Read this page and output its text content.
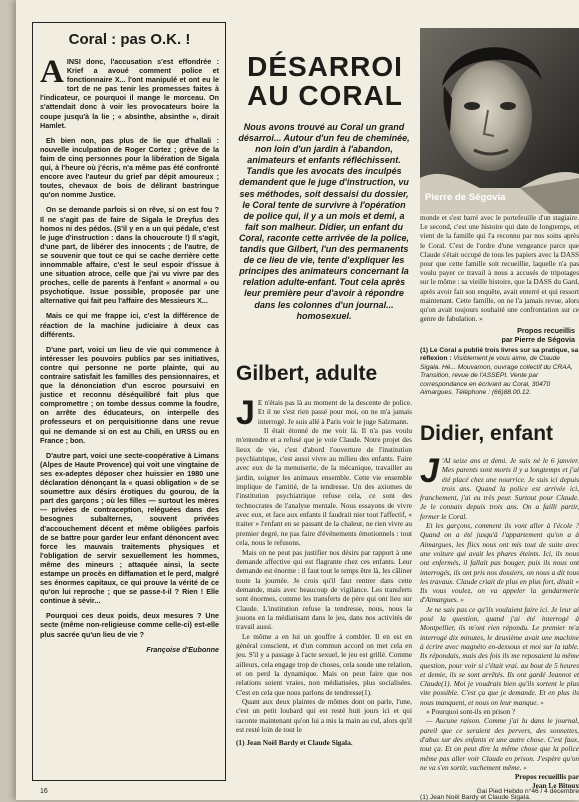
Coral : pas O.K. !

AINSI donc, l'accusation s'est effondrée : Krief a avoué comment police et fonctionnaire X... l'ont manipulé et ont eu le tort de ne pas tenir les promesses faites à l'indicateur, ce pourquoi il mange le morceau. On s'attendait donc à voir les provocateurs boire la coupe jusqu'à la lie ; « absinthe, absinthe », dirait Hamlet.

Eh bien non, pas plus de lie que d'hallali : nouvelle inculpation de Roger Cortez ; grève de la faim de cinq personnes pour la libération de Sigala qui, à l'heure où j'écris, n'a même pas été confronté encore avec l'auteur du grief par dépit amoureux ; toutes, chevaux de bois de délirant bastringue qu'on nomme Justice.

On se demande parfois si on rêve, si on est fou ? Il ne s'agit pas de faire de Sigala le Dreyfus des homos ni des pédos. (S'il y en a un qui pédale, c'est le juge d'instruction : dans la choucroute !) Il s'agit, d'une part, de libérer des innocents ; de l'autre, de se souvenir que tout ce qui se cache derrière cette innommable affaire, c'est le seul espoir d'issue à une situation atroce, celle que j'ai vu vivre par des proches, celle de parents à l'enfant « anormal » ou psychotique. Issue possible, proposée par une alternative qui fait peu l'affaire des Messieurs X...

Mais ce qui me frappe ici, c'est la différence de réaction de la machine judiciaire à deux cas différents.

D'une part, voici un lieu de vie qui commence à intéresser les pouvoirs publics par ses initiatives, contre qui personne ne porte plainte, qui au contraire satisfait les familles des pensionnaires, et que la dénonciation d'un escroc poursuivi en justice et reconnu déséquilibré fait plus que compromettre ; on tombe dessus comme la foudre, on arrête des éducateurs, on interpelle des professeurs et on perquisitionne dans une revue qui ne demande si on est au Chili, en URSS ou en France ; bon.

D'autre part, voici une secte-coopérative à Limans (Alpes de Haute Provence) qui voit une vingtaine de ses ex-adeptes déposer chez huissier en 1980 une déclaration dénonçant la « quasi obligation » de se soumettre aux désirs érotiques du gourou, de la part des garçons ; où les filles — surtout les mères — privées de contraception, reléguées dans des besognes subalternes, souvent privées d'accouchement décent et même obligées parfois de se battre pour garder leur enfant dénoncent avec force les mauvais traitements physiques et l'obligation de servir sexuellement les hommes, même des mineurs ; attaquée ainsi, la secte estampe un procès en diffamation et le perd, malgré ses énormes capitaux, ce qui prouve la vérité de ce qu'on lui reproche ; que se passe-t-il ? Rien ! Elle continue à sévir...

Pourquoi ces deux poids, deux mesures ? Une secte (même non-religieuse comme celle-ci) est-elle plus sacrée qu'un lieu de vie ?

Françoise d'Eubonne

DÉSARROI
AU CORAL

Nous avons trouvé au Coral un grand désarroi... Autour d'un feu de cheminée, non loin d'un jardin à l'abandon, animateurs et enfants réfléchissent. Tandis que les avocats des inculpés demandent que le juge d'instruction, vu ses méthodes, soit dessaisi du dossier, le Coral tente de survivre à l'opération de police qui, il y a un mois et demi, a fait son malheur. Didier, un enfant du Coral, raconte cette arrivée de la police, tandis que Gilbert, l'un des permanents de ce lieu de vie, tente d'expliquer les principes des animateurs concernant la relation adulte-enfant. Tout cela après leur première peur d'avoir à répondre dans les colonnes d'un journal... homosexuel.

Pierre de Ségovia

monde et s'est barré avec le portefeuille d'un stagiaire. Le second, c'est une histoire qui date de longtemps, et vient de la famille qui l'a reconnu par nos soins après le Coral. C'est de l'ordre d'une vengeance parce que Claude s'était occupé de tous les papiers avec la DASS pour que cette famille soit recueillie, laquelle n'a pas voulu payer ce travail à nous a accusés de tripotages sur le môme : sa vieille histoire, que la DASS du Gard, après avoir fait son enquête, avait enterré et qui ressort maintenant. Cette famille, on ne l'a jamais revue, alors qu'on avait toujours souhaité une confrontation sur ce genre de fabulation. »

Propos recueillis
par Pierre de Ségovia

(1) Le Coral a publié trois livres sur sa pratique, sa réflexion : Visiblement je vous aime, de Claude Sigala. Hé... Mouvamon, ouvrage collectif du CRAA, Transition, revue de l'ASSEPI. Vente par correspondance en écrivant au Coral, 30470 Aimargues. Téléphone : (66)88.00.12.

Gilbert, adulte

J E n'étais pas là au moment de la descente de police. Et il ne s'est rien passé pour moi, on ne m'a jamais interrogé. Je suis allé à Paris voir le juge Salzmann.

Il était étonné de me voir là. Il n'a pas voulu m'entendre et a refusé que je voie Claude. Notre projet des lieux de vie, c'est d'abord l'ouverture de l'institution psychiatrique, c'est aussi vivre au milieu des enfants. Faire avec eux de la menuiserie, de la mécanique, travailler au jardin, soigner les animaux ensemble. Cette vie ensemble implique de l'amitié, de la tendresse. Un des axiomes de l'institution psychiatrique refuse cela, ce sont des technocrates de l'analyse mentale. Nous essayons de vivre avec eux, et face aux enfants il faudrait nier tout l'affectif, « traiter » l'enfant en se passant de la chaleur, ne rien vivre au premier degré, ne pas faire d'événements émotionnels : tout cela, nous le refusons.

Mais on ne peut pas justifier nos désirs par rapport à une demande affective qui est flagrante chez ces enfants. Leur demande est énorme : il faut tout le temps être là, les câliner toute la journée. Je crois qu'il faut rentrer dans cette demande, mais avec beaucoup de vigilance. Les transferts sont énormes, comme les transferts de père qui ont lieu sur Claude. L'institution refuse la tendresse, nous, nous la jouons en la médiatisant dans le jeu, dans nos activités de travail aussi.

Le môme a en lui un gouffre à combler. Il en est en général conscient, et d'un commun accord on met cela en jeu. S'il y a passage à l'acte sexuel, le jeu est grillé. Comme ailleurs, cela engage trop de choses, cela soude une relation, et on perd la dynamique. Mais on peut faire que nos relations soient vraies, non médiatisées, plus socialisées. C'est en cela que nous parlons de tendresse(1).

Quant aux deux plaintes de mômes dont on parle, l'une, c'est un petit loubard qui est resté huit jours ici et qui raconte maintenant qu'on lui a mis la main au cul, alors qu'il est resté loin de tout le

(1) Jean Noël Bardy et Claude Sigala.

Didier, enfant

J 'AI seize ans et demi. Je suis né le 6 janvier. Mes parents sont morts il y a longtemps et j'ai été placé chez une nourrice. Je suis ici depuis trois ans. Quand la police est arrivée ici, franchement, j'ai eu très peur. Surtout pour Claude. Je le connais depuis trois ans. On a failli partir, fermer le Coral.

Et les garçons, comment ils vont aller à l'école ? Quand on a été jusqu'à l'appartement qu'on a à Aimargues, les flics nous ont mis tout de suite avec une voiture qui avait les phares éteints. Ici, ils nous ont enfermés, il fallait pas bouger, puis ils nous ont interrogés, ils ont pris nos dossiers, on nous a dit tous les travaux. Claude criait de plus en plus fort, disait « Ils vous voulez, on va appeler la gendarmerie d'Aimargues. »

Je ne sais pas ce qu'ils voulaient faire ici. Je leur ai posé la question, quand j'ai été interrogé à Montpellier, ils m'ont rien répondu. Le premier m'a interrogé dix minutes, le deuxième avait une machine à écrire avec magnéto en-dessous et moi sur la table. Ils répondais, mais des fois ils me reposaient la même question, pour voir si c'était vrai. au bout de 5 heures et demie, ils se sont arrêtés. Ils ont gardé Jeannot et Claude(1). Moi je voudrais bien qu'ils sortent le plus vite possible. C'est ça que je demande. Et en plus ils nous manquent, et nous on leur manque. »

« Pourquoi sont-ils en prison ?

— Aucune raison. Comme j'ai lu dans le journal, pareil que ce seraient des pervers, des sonnettes, d'abus sur des enfants et une autre chose. C'est faux, tout ça. Et on peut dire la même chose que la police même pas aller voir Claude en prison. J'espère qu'on ne va s'en sortir, vachement même. »

Propos recueillis par
Jean Le Bitoux

(1) Jean Noël Bardy et Claude Sigala.

16	Gai Pied Hebdo n°46 / 4 décembre
